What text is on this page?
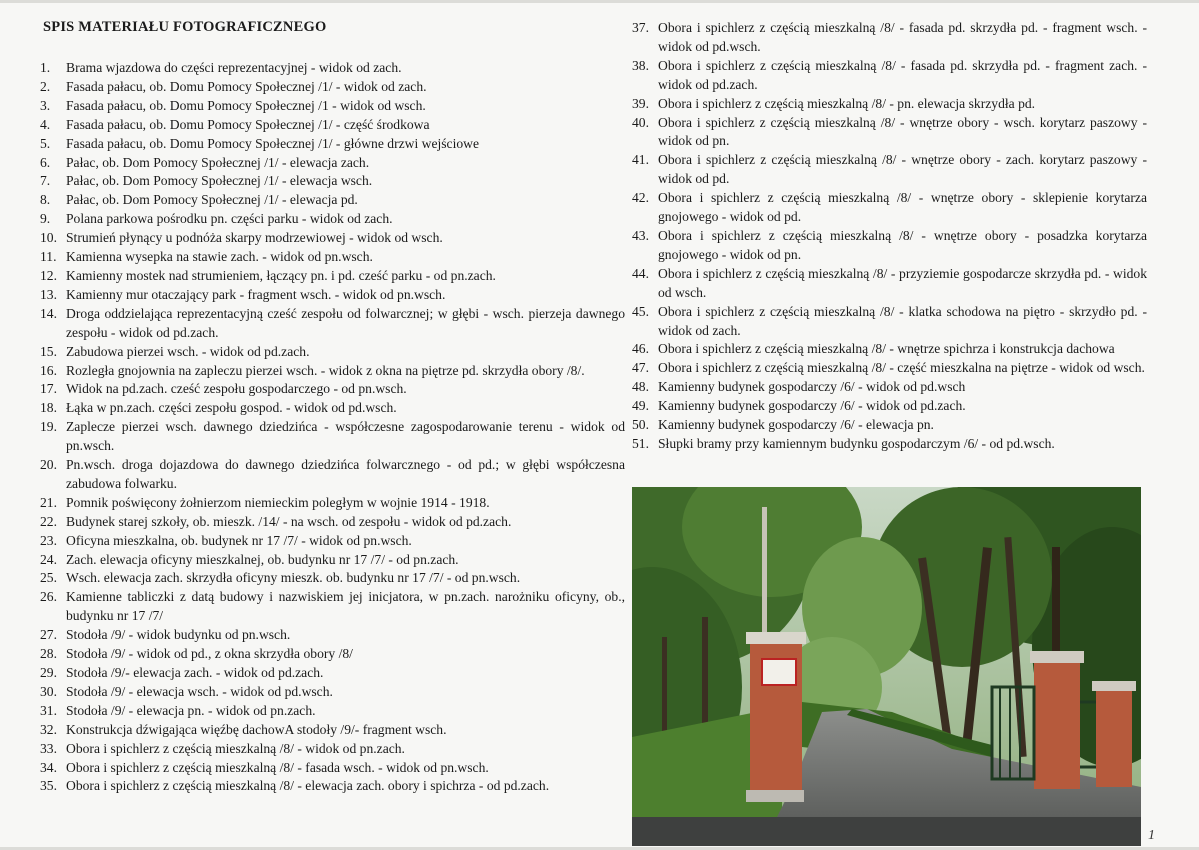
SPIS MATERIAŁU FOTOGRAFICZNEGO
1.	Brama wjazdowa do części reprezentacyjnej - widok od zach.
2.	Fasada pałacu, ob. Domu Pomocy Społecznej /1/ - widok od zach.
3.	Fasada pałacu, ob. Domu Pomocy Społecznej /1 - widok od wsch.
4.	Fasada pałacu, ob. Domu Pomocy Społecznej /1/ - część środkowa
5.	Fasada pałacu, ob. Domu Pomocy Społecznej /1/ - główne drzwi wejściowe
6.	Pałac, ob. Dom Pomocy Społecznej /1/ - elewacja zach.
7.	Pałac, ob. Dom Pomocy Społecznej /1/ - elewacja wsch.
8.	Pałac, ob. Dom Pomocy Społecznej /1/ - elewacja pd.
9.	Polana parkowa pośrodku pn. części parku - widok od zach.
10. Strumień płynący u podnóża skarpy modrzewiowej - widok od wsch.
11. Kamienna wysepka na stawie zach. - widok od pn.wsch.
12. Kamienny mostek nad strumieniem, łączący pn. i pd. cześć parku - od pn.zach.
13. Kamienny mur otaczający park - fragment wsch. - widok od pn.wsch.
14. Droga oddzielająca reprezentacyjną cześć zespołu od folwarcznej; w głębi - wsch. pierzeja dawnego zespołu - widok od pd.zach.
15. Zabudowa pierzei wsch. - widok od pd.zach.
16. Rozległa gnojownia na zapleczu pierzei wsch. - widok z okna na piętrze pd. skrzydła obory /8/.
17. Widok na pd.zach. cześć zespołu gospodarczego - od pn.wsch.
18. Łąka w pn.zach. części zespołu gospod. - widok od pd.wsch.
19. Zaplecze pierzei wsch. dawnego dziedzińca - współczesne zagospodarowanie terenu - widok od pn.wsch.
20. Pn.wsch. droga dojazdowa do dawnego dziedzińca folwarcznego - od pd.; w głębi współczesna zabudowa folwarku.
21. Pomnik poświęcony żołnierzom niemieckim poległym w wojnie 1914 - 1918.
22. Budynek starej szkoły, ob. mieszk. /14/ - na wsch. od zespołu - widok od pd.zach.
23. Oficyna mieszkalna, ob. budynek nr 17 /7/ - widok od pn.wsch.
24. Zach. elewacja oficyny mieszkalnej, ob. budynku nr 17 /7/ - od pn.zach.
25. Wsch. elewacja zach. skrzydła oficyny mieszk. ob. budynku nr 17 /7/ - od pn.wsch.
26. Kamienne tabliczki z datą budowy i nazwiskiem jej inicjatora, w pn.zach. narożniku oficyny, ob., budynku nr 17 /7/
27. Stodoła /9/ - widok budynku od pn.wsch.
28. Stodoła /9/ - widok od pd., z okna skrzydła obory /8/
29. Stodoła /9/- elewacja zach. - widok od pd.zach.
30. Stodoła /9/ - elewacja wsch. - widok od pd.wsch.
31. Stodoła /9/ - elewacja pn. - widok od pn.zach.
32. Konstrukcja dźwigająca więźbę dachowA stodoły /9/- fragment wsch.
33. Obora i spichlerz z częścią mieszkalną /8/ - widok od pn.zach.
34. Obora i spichlerz z częścią mieszkalną /8/ - fasada wsch. - widok od pn.wsch.
35. Obora i spichlerz z częścią mieszkalną /8/ - elewacja zach. obory i spichrza - od pd.zach.
37. Obora i spichlerz z częścią mieszkalną /8/ - fasada pd. skrzydła pd. - fragment wsch. - widok od pd.wsch.
38. Obora i spichlerz z częścią mieszkalną /8/ - fasada pd. skrzydła pd. - fragment zach. - widok od pd.zach.
39. Obora i spichlerz z częścią mieszkalną /8/ - pn. elewacja skrzydła pd.
40. Obora i spichlerz z częścią mieszkalną /8/ - wnętrze obory - wsch. korytarz paszowy - widok od pn.
41. Obora i spichlerz z częścią mieszkalną /8/ - wnętrze obory - zach. korytarz paszowy - widok od pd.
42. Obora i spichlerz z częścią mieszkalną /8/ - wnętrze obory - sklepienie korytarza gnojowego - widok od pd.
43. Obora i spichlerz z częścią mieszkalną /8/ - wnętrze obory - posadzka korytarza gnojowego - widok od pn.
44. Obora i spichlerz z częścią mieszkalną /8/ - przyziemie gospodarcze skrzydła pd. - widok od wsch.
45. Obora i spichlerz z częścią mieszkalną /8/ - klatka schodowa na piętro - skrzydło pd. - widok od zach.
46. Obora i spichlerz z częścią mieszkalną /8/ - wnętrze spichrza i konstrukcja dachowa
47. Obora i spichlerz z częścią mieszkalną /8/ - część mieszkalna na piętrze - widok od wsch.
48. Kamienny budynek gospodarczy /6/ - widok od pd.wsch
49. Kamienny budynek gospodarczy /6/ - widok od pd.zach.
50. Kamienny budynek gospodarczy /6/ - elewacja pn.
51. Słupki bramy przy kamiennym budynku gospodarczym /6/ - od pd.wsch.
1
